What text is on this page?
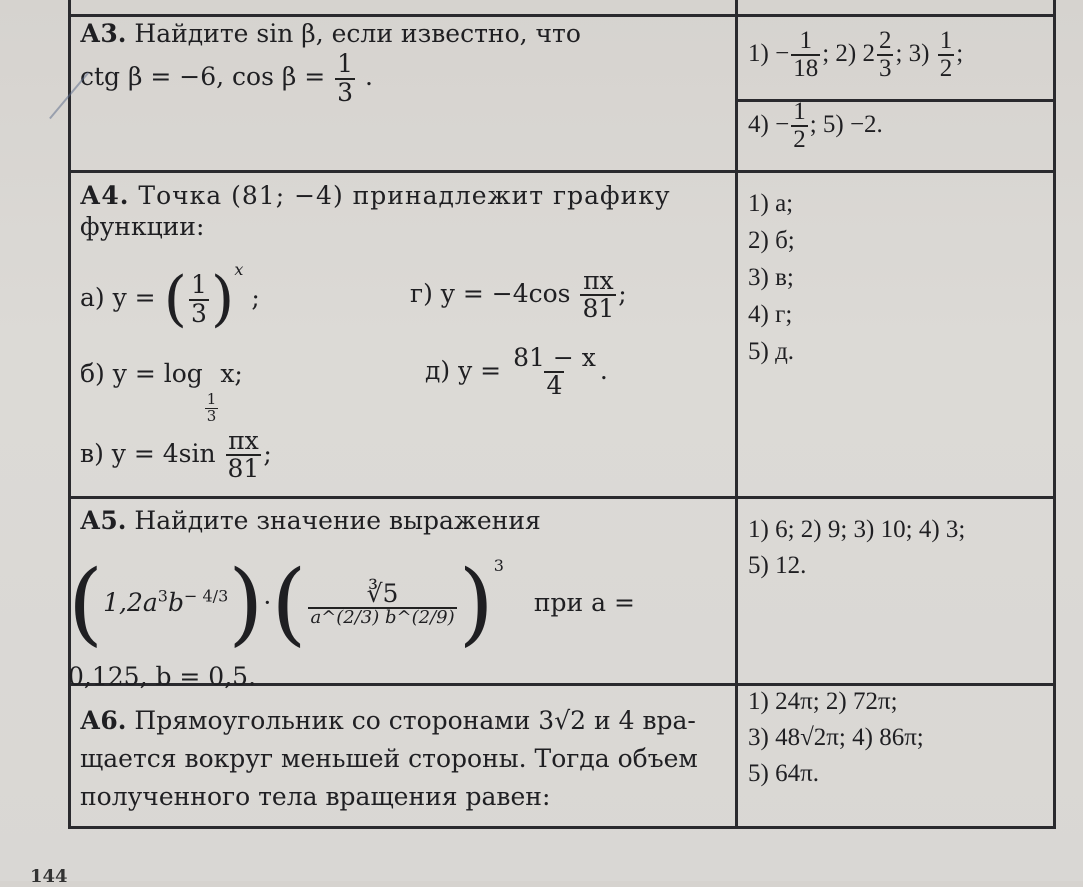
А3. Найдите sin β, если известно, что
ctg β = −6, $\cos \beta = \frac{1}{3}$ .
$1) - \frac{1}{18}$ ; 2) $2 \frac{2}{3}$ ; $3) \frac{1}{2}$ ;
$4) - \frac{1}{2}$ ; 5) −2.
А4. Точка (81; −4) принадлежит графику
функции:
а) y = ( $\frac{1}{3} )^x$ ;	г) $y = -4\cos \frac{\pi x}{81}$ ;
б) y = log
$\frac{1}{3}$
x;	д) $y = \frac{81 - x}{4}$ .
в) $y = 4\sin \frac{\pi x}{81}$ ;
1) а;
2) б;
3) в;
4) г;
5) д.
А5. Найдите значение выражения
$(1,2a^3b^{- 4/3})\cdot( \frac{∛5}{a\^{}(2/3) b\^{}(2/9)} )^3$ при a = 0,125, b = 0,5.
1) 6; 2) 9; 3) 10; 4) 3;
5) 12.
А6. Прямоугольник со сторонами 3√2 и 4 вра-
щается вокруг меньшей стороны. Тогда объем
полученного тела вращения равен:
1) 24π; 2) 72π;
3) 48√2π; 4) 86π;
5) 64π.
144
